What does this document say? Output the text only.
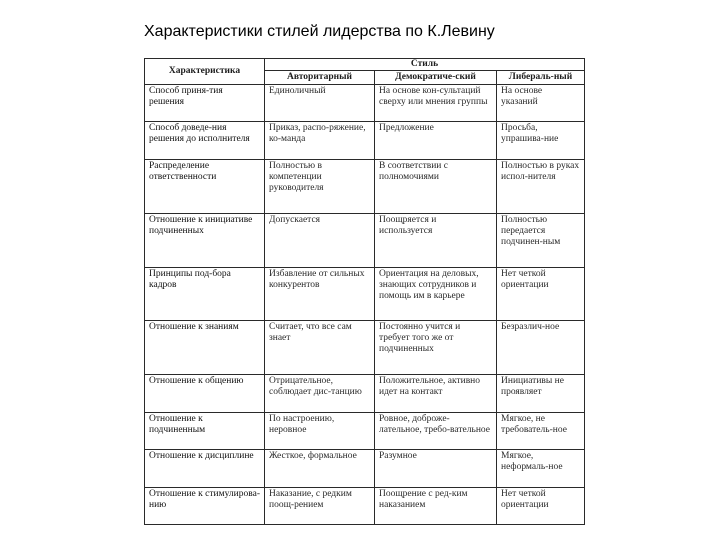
Характеристики стилей лидерства по К.Левину
Характеристика	Стиль		
	Авторитарный	Демократиче-ский	Либераль-ный
Способ приня-тия решения	Единоличный	На основе кон-сультаций сверху или мнения группы	На основе указаний
Способ доведе-ния решения до исполнителя	Приказ, распо-ряжение, ко-манда	Предложение	Просьба, упрашива-ние
Распределение ответственности	Полностью в компетенции руководителя	В соответствии с полномочиями	Полностью в руках испол-нителя
Отношение к инициативе подчиненных	Допускается	Поощряется и используется	Полностью передается подчинен-ным
Принципы под-бора кадров	Избавление от сильных конкурентов	Ориентация на деловых, знающих сотрудников и помощь им в карьере	Нет четкой ориентации
Отношение к знаниям	Считает, что все сам знает	Постоянно учится и требует того же от подчиненных	Безразлич-ное
Отношение к общению	Отрицательное, соблюдает дис-танцию	Положительное, активно идет на контакт	Инициативы не проявляет
Отношение к подчиненным	По настроению, неровное	Ровное, доброже-лательное, требо-вательное	Мягкое, не требователь-ное
Отношение к дисциплине	Жесткое, формальное	Разумное	Мягкое, неформаль-ное
Отношение к стимулирова-нию	Наказание, с редким поощ-рением	Поощрение с ред-ким наказанием	Нет четкой ориентации
